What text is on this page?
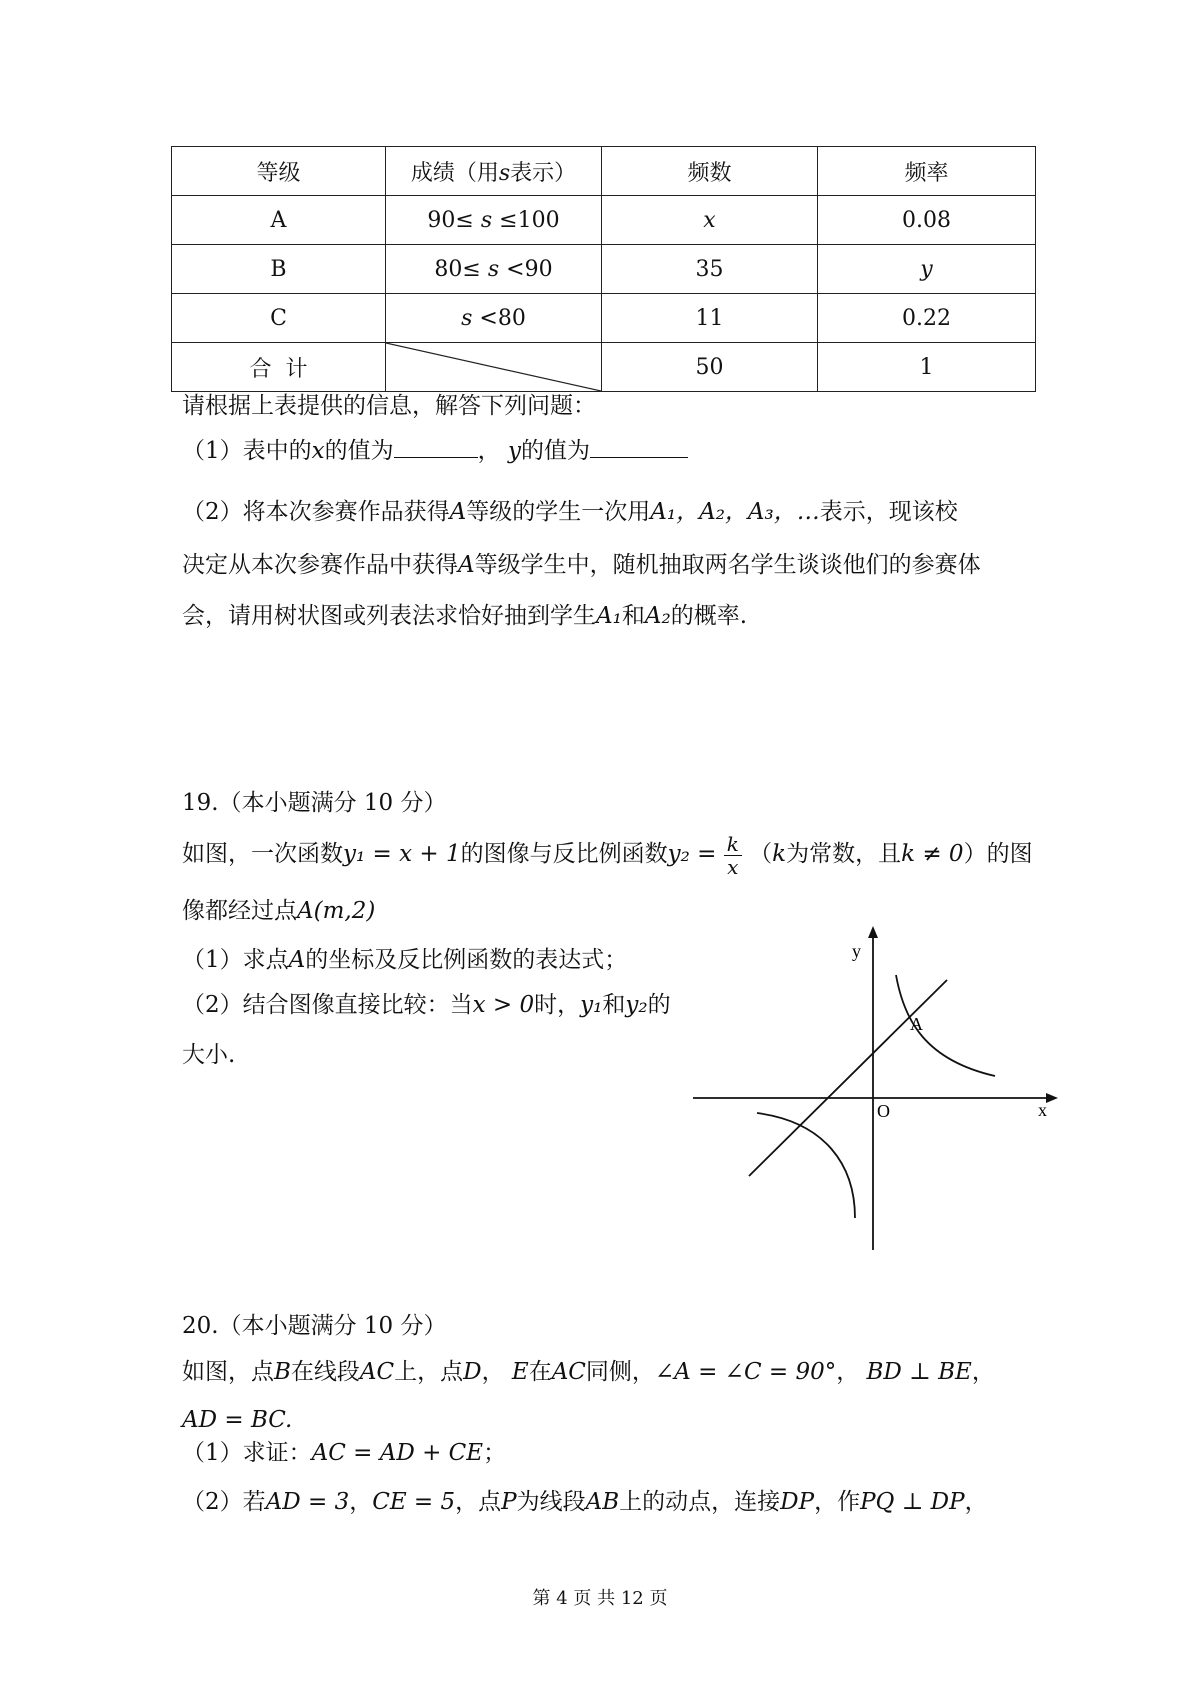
等级	成绩（用s表示）	频数	频率
A	90≤ s ≤100	x	0.08
B	80≤ s <90	35	y
C	s <80	11	0.22
合  计		50	1
请根据上表提供的信息，解答下列问题：
（1）表中的x的值为	， y的值为
（2）将本次参赛作品获得A等级的学生一次用A₁，A₂，A₃，…表示，现该校
决定从本次参赛作品中获得A等级学生中，随机抽取两名学生谈谈他们的参赛体
会，请用树状图或列表法求恰好抽到学生A₁和A₂的概率.
19.（本小题满分 10 分）
如图，一次函数y₁ = x + 1的图像与反比例函数$y_2 = \frac{k}{x} (k$为常数，且k ≠ 0）的图
像都经过点A(m,2)
（1）求点A的坐标及反比例函数的表达式；
（2）结合图像直接比较：当x > 0时，y₁和y₂的
大小.
x
y
O
A
20.（本小题满分 10 分）
如图，点B在线段AC上，点D， E在AC同侧，∠A = ∠C = 90°， BD ⊥ BE，
AD = BC.
（1）求证：AC = AD + CE；
（2）若AD = 3，CE = 5，点P为线段AB上的动点，连接DP，作PQ ⊥ DP，
第 4 页 共 12 页
